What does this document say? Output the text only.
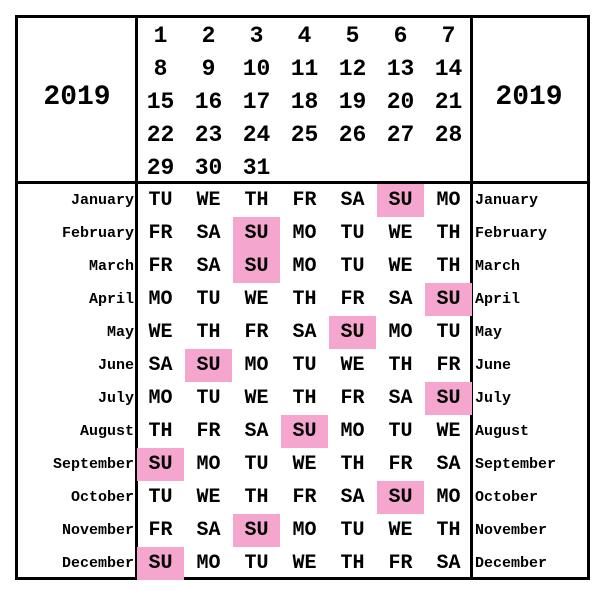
2019	2019
1	2	3	4	5	6	7
8	9	10 11 12 13 14
15 16 17 18 19 20 21
22 23 24 25 26 27 28
29 30 31
January TU	WE	TH	FR	SA	SU	MO January
February FR	SA	SU	MO	TU	WE	TH February
March FR	SA	SU	MO	TU	WE	TH March
April MO	TU	WE	TH	FR	SA	SU April
May WE	TH	FR	SA	SU	MO	TU May
June SA	SU	MO	TU	WE	TH	FR June
July MO	TU	WE	TH	FR	SA	SU July
August TH	FR	SA	SU	MO	TU	WE August
September SU	MO	TU	WE	TH	FR	SA September
October TU	WE	TH	FR	SA	SU	MO October
November FR	SA	SU	MO	TU	WE	TH November
December SU	MO	TU	WE	TH	FR	SA December
